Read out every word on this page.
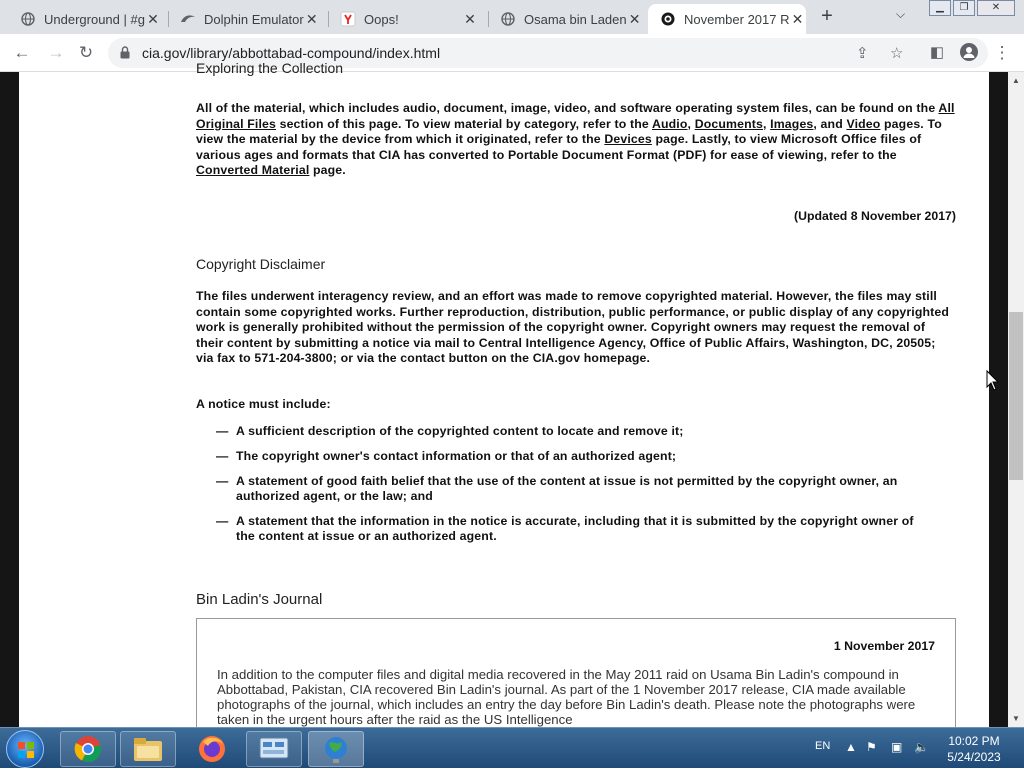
Underground | #g ✕	Dolphin Emulator ✕	Oops!	✕	Osama bin Laden ✕	November 2017 R ✕ +	⌵	▁	❐	✕
← → ↻	cia.gov/library/abbottabad-compound/index.html	⇪ ☆ ◧	⋮
Exploring the Collection
All of the material, which includes audio, document, image, video, and software operating system files, can be found on the All Original Files section of this page. To view material by category, refer to the Audio, Documents, Images, and Video pages. To view the material by the device from which it originated, refer to the Devices page. Lastly, to view Microsoft Office files of various ages and formats that CIA has converted to Portable Document Format (PDF) for ease of viewing, refer to the Converted Material page.
(Updated 8 November 2017)
Copyright Disclaimer
The files underwent interagency review, and an effort was made to remove copyrighted material. However, the files may still contain some copyrighted works. Further reproduction, distribution, public performance, or public display of any copyrighted work is generally prohibited without the permission of the copyright owner. Copyright owners may request the removal of their content by submitting a notice via mail to Central Intelligence Agency, Office of Public Affairs, Washington, DC, 20505; via fax to 571-204-3800; or via the contact button on the CIA.gov homepage.
A notice must include:
— A sufficient description of the copyrighted content to locate and remove it;
— The copyright owner's contact information or that of an authorized agent;
— A statement of good faith belief that the use of the content at issue is not permitted by the copyright owner, an authorized agent, or the law; and
— A statement that the information in the notice is accurate, including that it is submitted by the copyright owner of the content at issue or an authorized agent.
Bin Ladin's Journal
1 November 2017
In addition to the computer files and digital media recovered in the May 2011 raid on Usama Bin Ladin's compound in Abbottabad, Pakistan, CIA recovered Bin Ladin's journal. As part of the 1 November 2017 release, CIA made available photographs of the journal, which includes an entry the day before Bin Ladin's death. Please note the photographs were taken in the urgent hours after the raid as the US Intelligence
▲
▼
EN ▲ ⚑ ▣ 🔈	10:02 PM
5/24/2023
